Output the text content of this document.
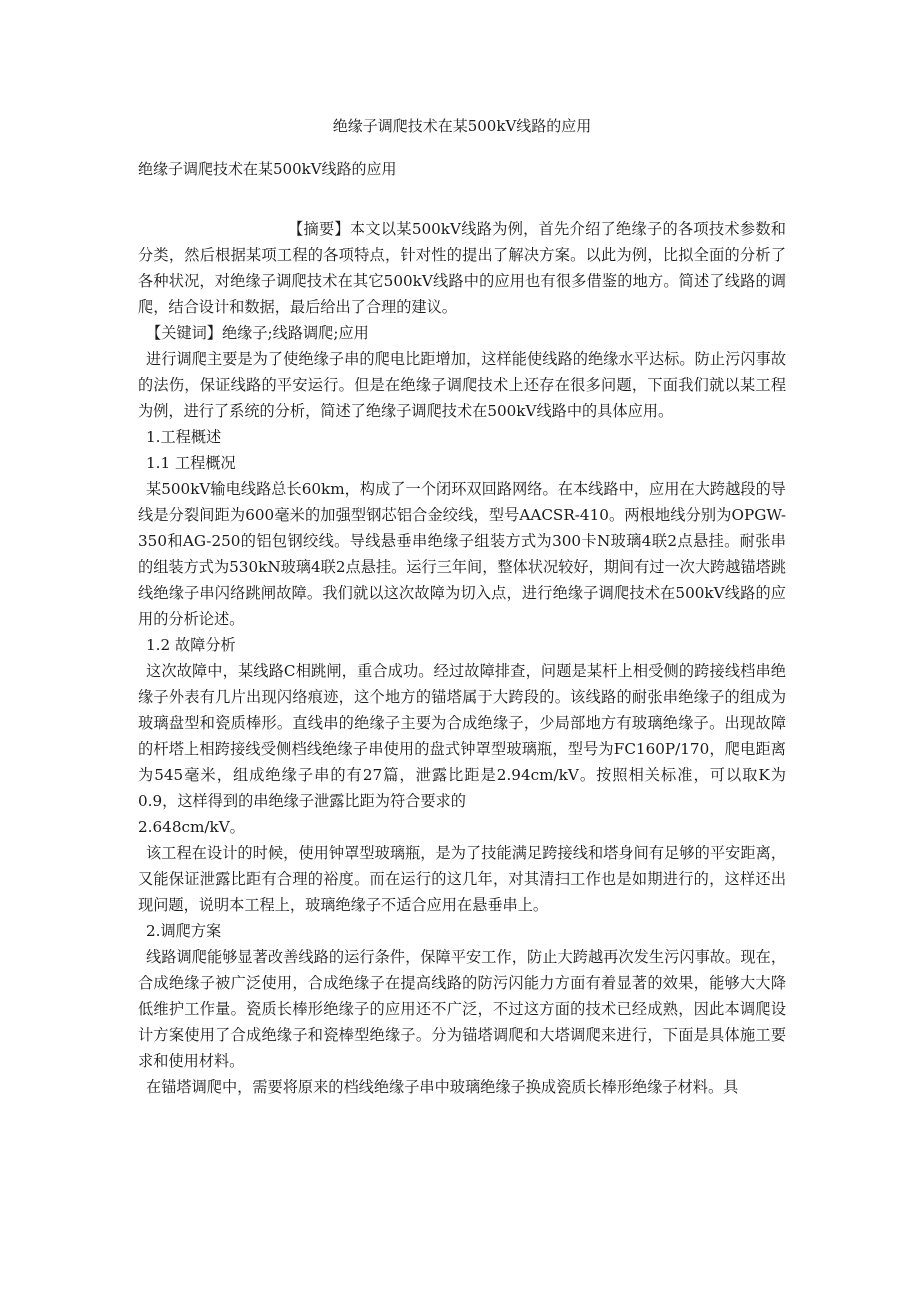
绝缘子调爬技术在某500kV线路的应用
绝缘子调爬技术在某500kV线路的应用

【摘要】本文以某500kV线路为例，首先介绍了绝缘子的各项技术参数和分类，然后根据某项工程的各项特点，针对性的提出了解决方案。以此为例，比拟全面的分析了各种状况，对绝缘子调爬技术在其它500kV线路中的应用也有很多借鉴的地方。简述了线路的调爬，结合设计和数据，最后给出了合理的建议。

【关键词】绝缘子;线路调爬;应用

进行调爬主要是为了使绝缘子串的爬电比距增加，这样能使线路的绝缘水平达标。防止污闪事故的法伤，保证线路的平安运行。但是在绝缘子调爬技术上还存在很多问题，下面我们就以某工程为例，进行了系统的分析，简述了绝缘子调爬技术在500kV线路中的具体应用。

1.工程概述

1.1 工程概况

某500kV输电线路总长60km，构成了一个闭环双回路网络。在本线路中，应用在大跨越段的导线是分裂间距为600毫米的加强型钢芯铝合金绞线，型号AACSR-410。两根地线分别为OPGW-350和AG-250的铝包钢绞线。导线悬垂串绝缘子组装方式为300卡N玻璃4联2点悬挂。耐张串的组装方式为530kN玻璃4联2点悬挂。运行三年间，整体状况较好，期间有过一次大跨越锚塔跳线绝缘子串闪络跳闸故障。我们就以这次故障为切入点，进行绝缘子调爬技术在500kV线路的应用的分析论述。

1.2 故障分析

这次故障中，某线路C相跳闸，重合成功。经过故障排查，问题是某杆上相受侧的跨接线档串绝缘子外表有几片出现闪络痕迹，这个地方的锚塔属于大跨段的。该线路的耐张串绝缘子的组成为玻璃盘型和瓷质棒形。直线串的绝缘子主要为合成绝缘子，少局部地方有玻璃绝缘子。出现故障的杆塔上相跨接线受侧档线绝缘子串使用的盘式钟罩型玻璃瓶，型号为FC160P/170，爬电距离为545毫米，组成绝缘子串的有27篇，泄露比距是2.94cm/kV。按照相关标准，可以取K为0.9，这样得到的串绝缘子泄露比距为符合要求的

2.648cm/kV。

该工程在设计的时候，使用钟罩型玻璃瓶，是为了技能满足跨接线和塔身间有足够的平安距离，又能保证泄露比距有合理的裕度。而在运行的这几年，对其清扫工作也是如期进行的，这样还出现问题，说明本工程上，玻璃绝缘子不适合应用在悬垂串上。

2.调爬方案

线路调爬能够显著改善线路的运行条件，保障平安工作，防止大跨越再次发生污闪事故。现在，合成绝缘子被广泛使用，合成绝缘子在提高线路的防污闪能力方面有着显著的效果，能够大大降低维护工作量。瓷质长棒形绝缘子的应用还不广泛，不过这方面的技术已经成熟，因此本调爬设计方案使用了合成绝缘子和瓷棒型绝缘子。分为锚塔调爬和大塔调爬来进行，下面是具体施工要求和使用材料。

在锚塔调爬中，需要将原来的档线绝缘子串中玻璃绝缘子换成瓷质长棒形绝缘子材料。具
